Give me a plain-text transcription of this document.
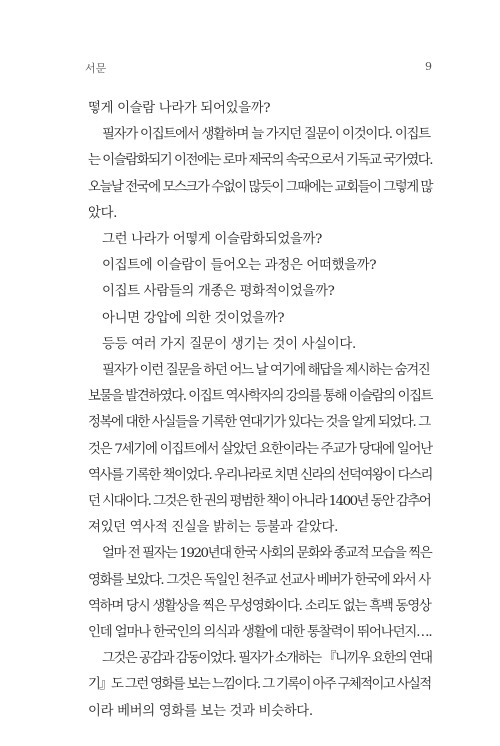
서문	9

떻게 이슬람 나라가 되어있을까?

필자가 이집트에서 생활하며 늘 가지던 질문이 이것이다. 이집트

는 이슬람화되기 이전에는 로마 제국의 속국으로서 기독교 국가였다.

오늘날 전국에 모스크가 수없이 많듯이 그때에는 교회들이 그렇게 많

았다.

그런 나라가 어떻게 이슬람화되었을까?

이집트에 이슬람이 들어오는 과정은 어떠했을까?

이집트 사람들의 개종은 평화적이었을까?

아니면 강압에 의한 것이었을까?

등등 여러 가지 질문이 생기는 것이 사실이다.

필자가 이런 질문을 하던 어느 날 여기에 해답을 제시하는 숨겨진

보물을 발견하였다. 이집트 역사학자의 강의를 통해 이슬람의 이집트

정복에 대한 사실들을 기록한 연대기가 있다는 것을 알게 되었다. 그

것은 7세기에 이집트에서 살았던 요한이라는 주교가 당대에 일어난

역사를 기록한 책이었다. 우리나라로 치면 신라의 선덕여왕이 다스리

던 시대이다. 그것은 한 권의 평범한 책이 아니라 1400년 동안 감추어

져있던 역사적 진실을 밝히는 등불과 같았다.

얼마 전 필자는 1920년대 한국 사회의 문화와 종교적 모습을 찍은

영화를 보았다. 그것은 독일인 천주교 선교사 베버가 한국에 와서 사

역하며 당시 생활상을 찍은 무성영화이다. 소리도 없는 흑백 동영상

인데 얼마나 한국인의 의식과 생활에 대한 통찰력이 뛰어나던지….

그것은 공감과 감동이었다. 필자가 소개하는 『니끼우 요한의 연대

기』도 그런 영화를 보는 느낌이다. 그 기록이 아주 구체적이고 사실적

이라 베버의 영화를 보는 것과 비슷하다.
